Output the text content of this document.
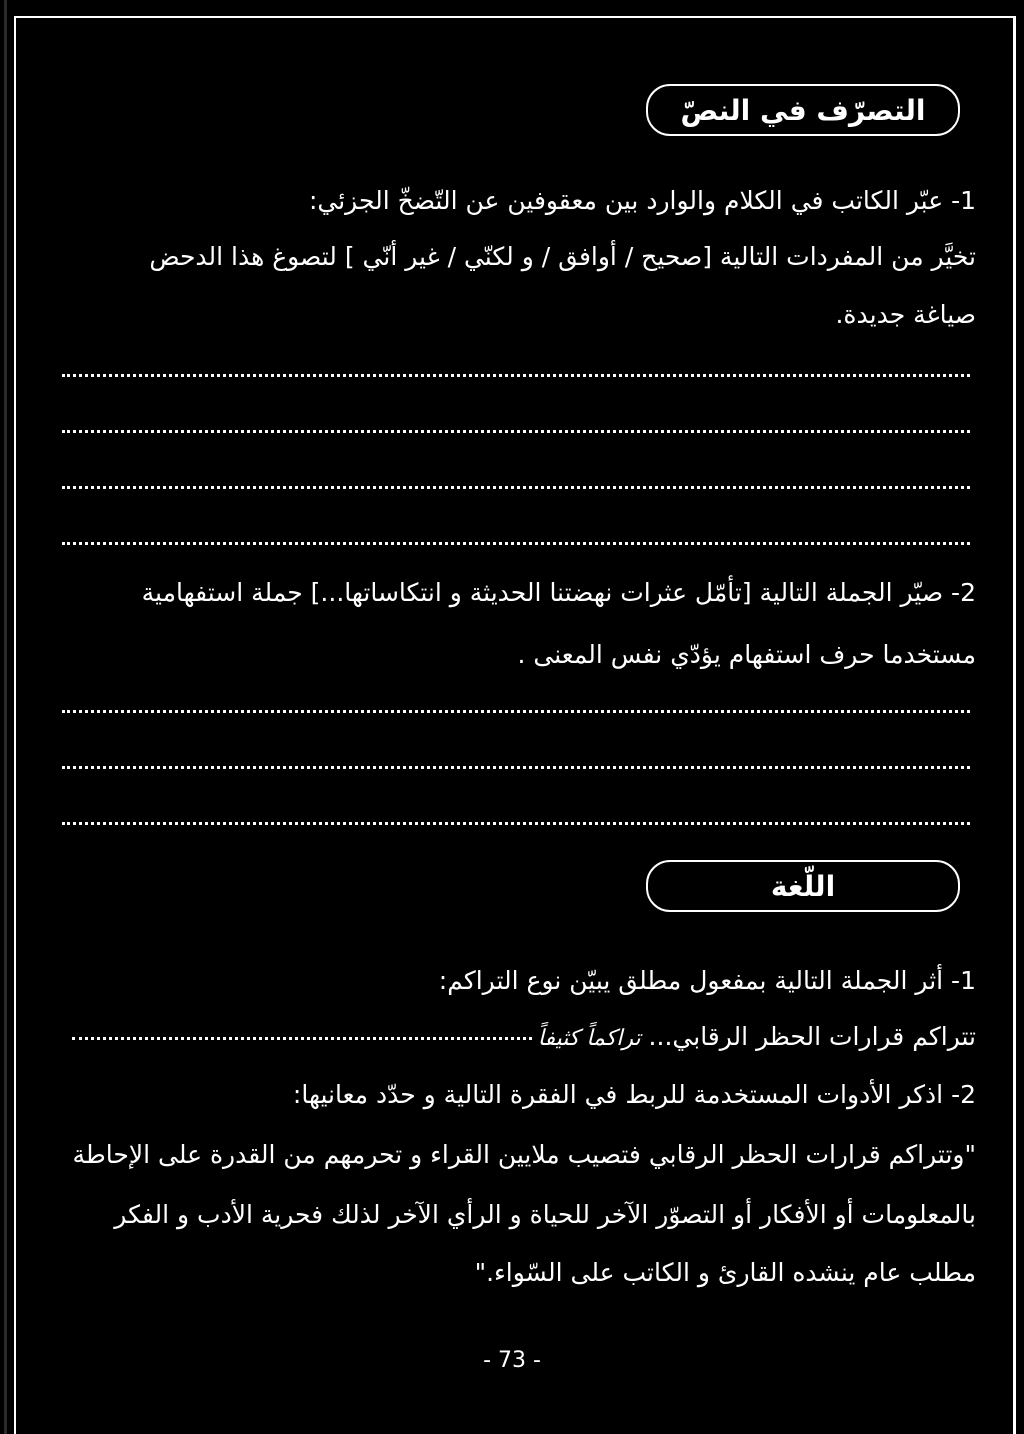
التصرّف في النصّ
1- عبّر الكاتب في الكلام والوارد بين معقوفين عن التّضخّ الجزئي:
تخيَّر من المفردات التالية [صحيح / أوافق / و لكنّي / غير أنّي ] لتصوغ هذا الدحض
صياغة جديدة.
2- صيّر الجملة التالية [تأمّل عثرات نهضتنا الحديثة و انتكاساتها...] جملة استفهامية
مستخدما حرف استفهام يؤدّي نفس المعنى .
اللّغة
1- أثر الجملة التالية بمفعول مطلق يبيّن نوع التراكم:
تتراكم قرارات الحظر الرقابي... تراكماً كثيفاً
2- اذكر الأدوات المستخدمة للربط في الفقرة التالية و حدّد معانيها:
"وتتراكم قرارات الحظر الرقابي فتصيب ملايين القراء و تحرمهم من القدرة على الإحاطة
بالمعلومات أو الأفكار أو التصوّر الآخر للحياة و الرأي الآخر لذلك فحرية الأدب و الفكر
مطلب عام ينشده القارئ و الكاتب على السّواء."
- 73 -
